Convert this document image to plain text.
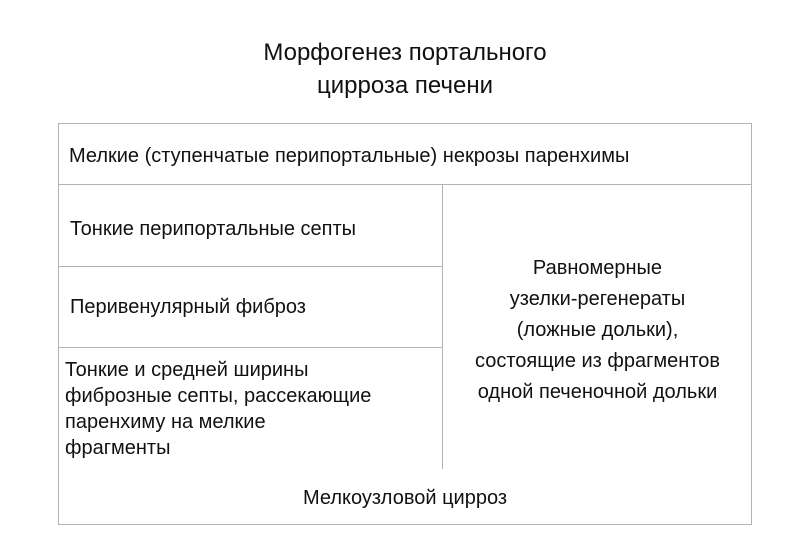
Морфогенез портального
цирроза печени
Мелкие (ступенчатые перипортальные) некрозы паренхимы
Тонкие перипортальные септы
Перивенулярный фиброз
Тонкие и средней ширины
фиброзные септы, рассекающие
паренхиму на мелкие
фрагменты
Равномерные
узелки-регенераты
(ложные дольки),
состоящие из фрагментов
одной печеночной дольки
Мелкоузловой цирроз
